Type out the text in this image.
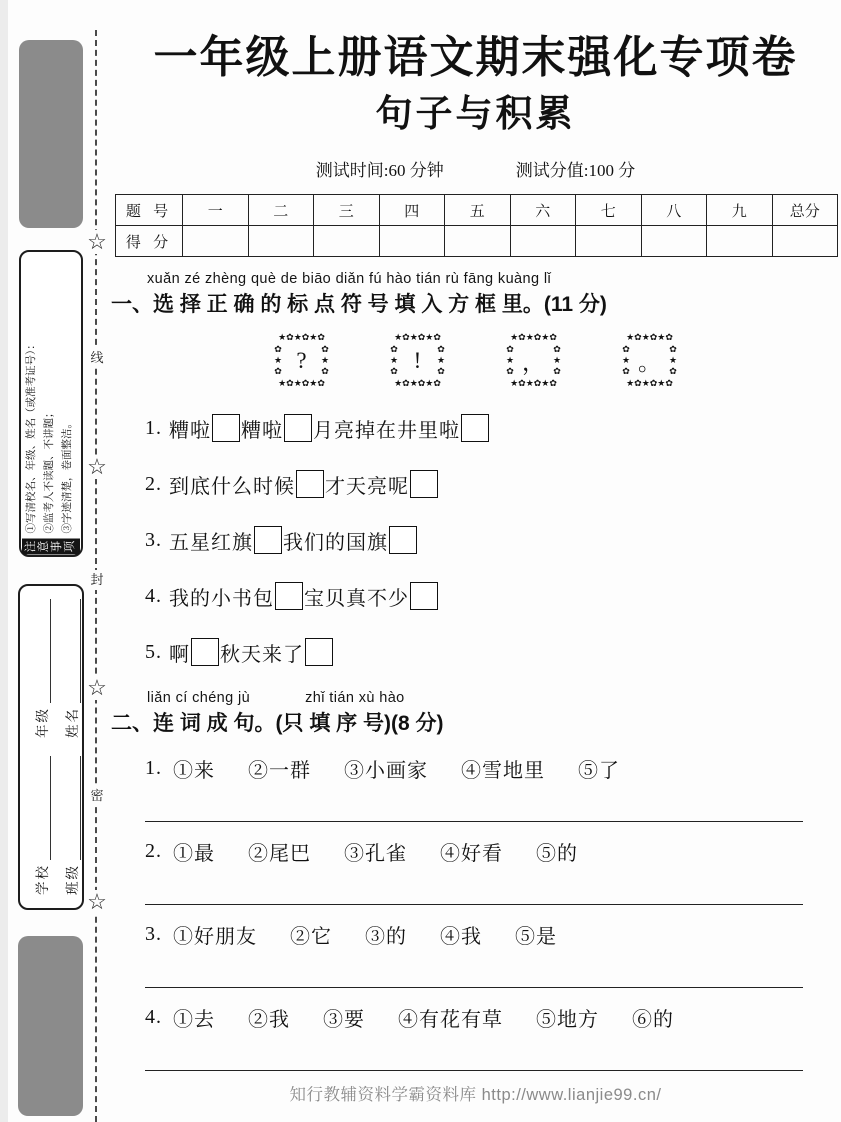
注意事项
①写清校名、年级、姓名（或准考证号）： ②监考人不读题、不讲题； ③字迹清楚，卷面整洁。
学校
年级
班级
姓名
☆
线
☆
封
☆
密
☆
一年级上册语文期末强化专项卷
句子与积累
测试时间:60 分钟	测试分值:100 分
题 号	一	二	三	四	五	六	七	八	九	总分
得 分										
xuǎn zé zhèng què de biāo diǎn fú hào tián rù fāng kuàng lǐ
一、选 择 正 确 的 标 点 符 号 填 入 方 框 里。(11 分)
★✿★✿★✿
✿★✿ ?	✿★✿
★✿★✿★✿
★✿★✿★✿
✿★✿ !	✿★✿
★✿★✿★✿
★✿★✿★✿
✿★✿ ，
✿★✿
★✿★✿★✿
★✿★✿★✿
✿★✿ 。
✿★✿
★✿★✿★✿
1. 糟啦 糟啦 月亮掉在井里啦
2. 到底什么时候 才天亮呢
3. 五星红旗 我们的国旗
4. 我的小书包 宝贝真不少
5. 啊 秋天来了
liǎn cí chéng jù	zhǐ tián xù hào
二、连 词 成 句。(只 填 序 号)(8 分)
1. ①来 ②一群 ③小画家 ④雪地里 ⑤了
2. ①最 ②尾巴 ③孔雀 ④好看 ⑤的
3. ①好朋友 ②它 ③的 ④我 ⑤是
4. ①去 ②我 ③要 ④有花有草 ⑤地方 ⑥的
知行教辅资料学霸资料库 http://www.lianjie99.cn/
